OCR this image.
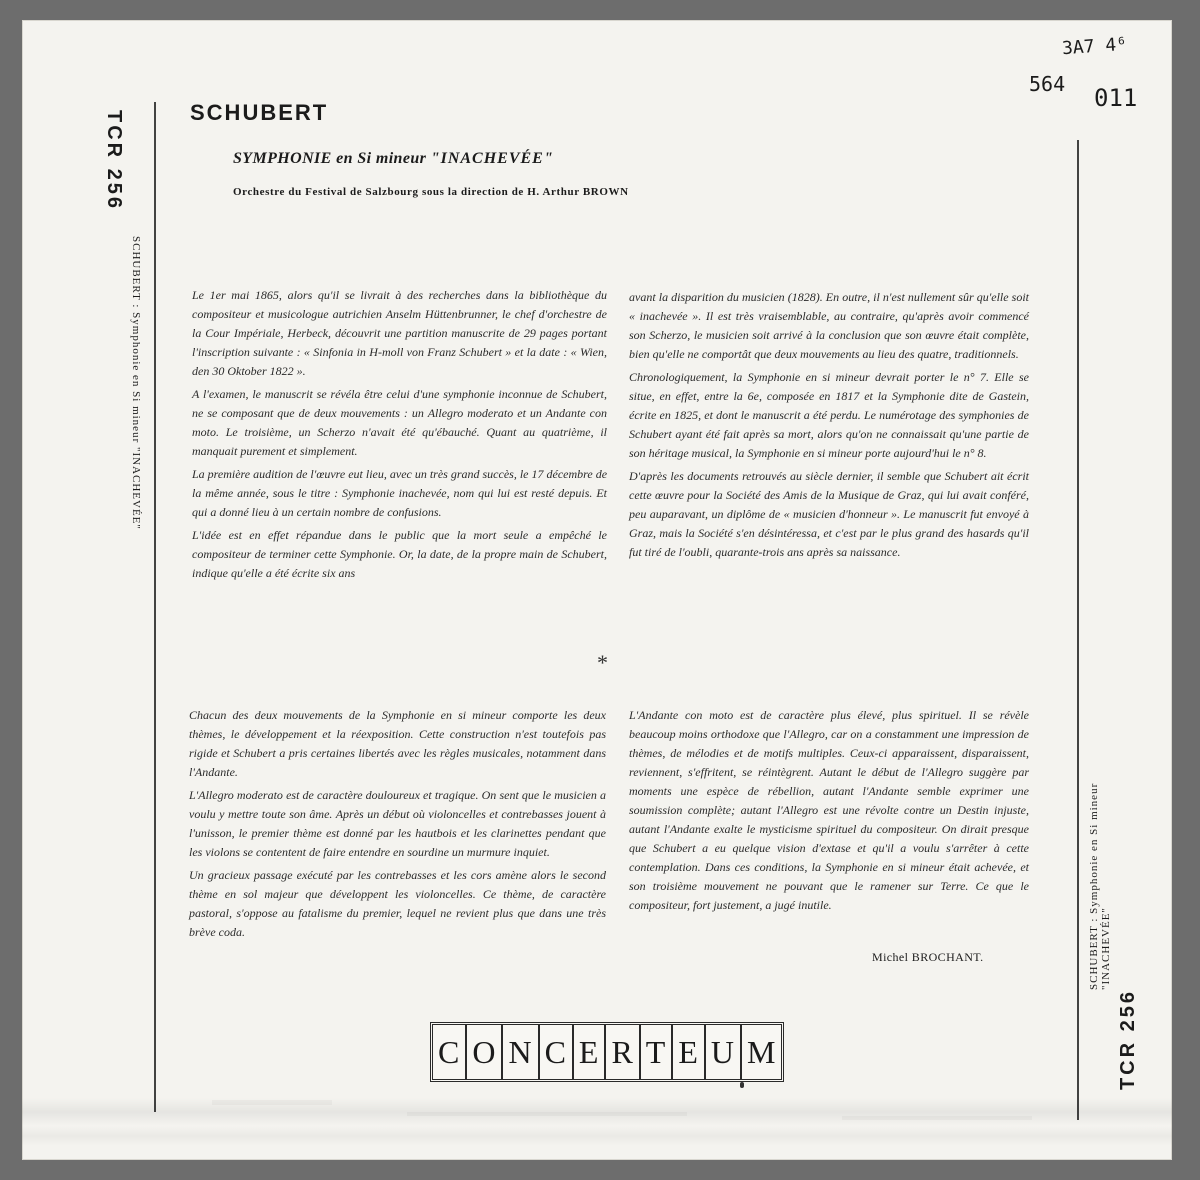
TCR 256
SCHUBERT : Symphonie en Si mineur "INACHEVÉE"
TCR 256
SCHUBERT : Symphonie en Si mineur "INACHEVÉE"
3A7 4⁶
564 011
SCHUBERT
SYMPHONIE en Si mineur "INACHEVÉE"
Orchestre du Festival de Salzbourg sous la direction de H. Arthur BROWN

Le 1er mai 1865, alors qu'il se livrait à des recherches dans la bibliothèque du compositeur et musicologue autrichien Anselm Hüttenbrunner, le chef d'orchestre de la Cour Impériale, Herbeck, découvrit une partition manuscrite de 29 pages portant l'inscription suivante : « Sinfonia in H-moll von Franz Schubert » et la date : « Wien, den 30 Oktober 1822 ».

A l'examen, le manuscrit se révéla être celui d'une symphonie inconnue de Schubert, ne se composant que de deux mouvements : un Allegro moderato et un Andante con moto. Le troisième, un Scherzo n'avait été qu'ébauché. Quant au quatrième, il manquait purement et simplement.

La première audition de l'œuvre eut lieu, avec un très grand succès, le 17 décembre de la même année, sous le titre : Symphonie inachevée, nom qui lui est resté depuis. Et qui a donné lieu à un certain nombre de confusions.

L'idée est en effet répandue dans le public que la mort seule a empêché le compositeur de terminer cette Symphonie. Or, la date, de la propre main de Schubert, indique qu'elle a été écrite six ans

avant la disparition du musicien (1828). En outre, il n'est nullement sûr qu'elle soit « inachevée ». Il est très vraisemblable, au contraire, qu'après avoir commencé son Scherzo, le musicien soit arrivé à la conclusion que son œuvre était complète, bien qu'elle ne comportât que deux mouvements au lieu des quatre, traditionnels.

Chronologiquement, la Symphonie en si mineur devrait porter le n° 7. Elle se situe, en effet, entre la 6e, composée en 1817 et la Symphonie dite de Gastein, écrite en 1825, et dont le manuscrit a été perdu. Le numérotage des symphonies de Schubert ayant été fait après sa mort, alors qu'on ne connaissait qu'une partie de son héritage musical, la Symphonie en si mineur porte aujourd'hui le n° 8.

D'après les documents retrouvés au siècle dernier, il semble que Schubert ait écrit cette œuvre pour la Société des Amis de la Musique de Graz, qui lui avait conféré, peu auparavant, un diplôme de « musicien d'honneur ». Le manuscrit fut envoyé à Graz, mais la Société s'en désintéressa, et c'est par le plus grand des hasards qu'il fut tiré de l'oubli, quarante-trois ans après sa naissance.

*

Chacun des deux mouvements de la Symphonie en si mineur comporte les deux thèmes, le développement et la réexposition. Cette construction n'est toutefois pas rigide et Schubert a pris certaines libertés avec les règles musicales, notamment dans l'Andante.

L'Allegro moderato est de caractère douloureux et tragique. On sent que le musicien a voulu y mettre toute son âme. Après un début où violoncelles et contrebasses jouent à l'unisson, le premier thème est donné par les hautbois et les clarinettes pendant que les violons se contentent de faire entendre en sourdine un murmure inquiet.

Un gracieux passage exécuté par les contrebasses et les cors amène alors le second thème en sol majeur que développent les violoncelles. Ce thème, de caractère pastoral, s'oppose au fatalisme du premier, lequel ne revient plus que dans une très brève coda.

L'Andante con moto est de caractère plus élevé, plus spirituel. Il se révèle beaucoup moins orthodoxe que l'Allegro, car on a constamment une impression de thèmes, de mélodies et de motifs multiples. Ceux-ci apparaissent, disparaissent, reviennent, s'effritent, se réintègrent. Autant le début de l'Allegro suggère par moments une espèce de rébellion, autant l'Andante semble exprimer une soumission complète; autant l'Allegro est une révolte contre un Destin injuste, autant l'Andante exalte le mysticisme spirituel du compositeur. On dirait presque que Schubert a eu quelque vision d'extase et qu'il a voulu s'arrêter à cette contemplation. Dans ces conditions, la Symphonie en si mineur était achevée, et son troisième mouvement ne pouvant que le ramener sur Terre. Ce que le compositeur, fort justement, a jugé inutile.

Michel BROCHANT.
C O N C E R T E U M
